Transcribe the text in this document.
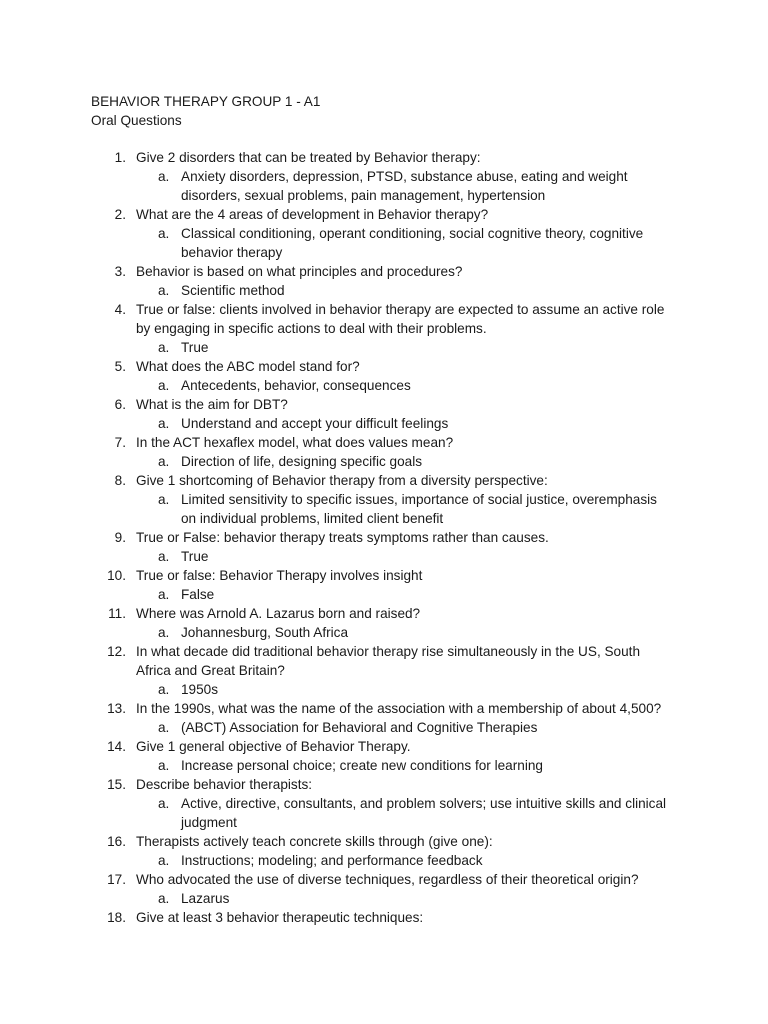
BEHAVIOR THERAPY GROUP 1 - A1
Oral Questions
1. Give 2 disorders that can be treated by Behavior therapy:
a. Anxiety disorders, depression, PTSD, substance abuse, eating and weight disorders, sexual problems, pain management, hypertension
2. What are the 4 areas of development in Behavior therapy?
a. Classical conditioning, operant conditioning, social cognitive theory, cognitive behavior therapy
3. Behavior is based on what principles and procedures?
a. Scientific method
4. True or false: clients involved in behavior therapy are expected to assume an active role by engaging in specific actions to deal with their problems.
a. True
5. What does the ABC model stand for?
a. Antecedents, behavior, consequences
6. What is the aim for DBT?
a. Understand and accept your difficult feelings
7. In the ACT hexaflex model, what does values mean?
a. Direction of life, designing specific goals
8. Give 1 shortcoming of Behavior therapy from a diversity perspective:
a. Limited sensitivity to specific issues, importance of social justice, overemphasis on individual problems, limited client benefit
9. True or False: behavior therapy treats symptoms rather than causes.
a. True
10. True or false: Behavior Therapy involves insight
a. False
11. Where was Arnold A. Lazarus born and raised?
a. Johannesburg, South Africa
12. In what decade did traditional behavior therapy rise simultaneously in the US, South Africa and Great Britain?
a. 1950s
13. In the 1990s, what was the name of the association with a membership of about 4,500?
a. (ABCT) Association for Behavioral and Cognitive Therapies
14. Give 1 general objective of Behavior Therapy.
a. Increase personal choice; create new conditions for learning
15. Describe behavior therapists:
a. Active, directive, consultants, and problem solvers; use intuitive skills and clinical judgment
16. Therapists actively teach concrete skills through (give one):
a. Instructions; modeling; and performance feedback
17. Who advocated the use of diverse techniques, regardless of their theoretical origin?
a. Lazarus
18. Give at least 3 behavior therapeutic techniques:
